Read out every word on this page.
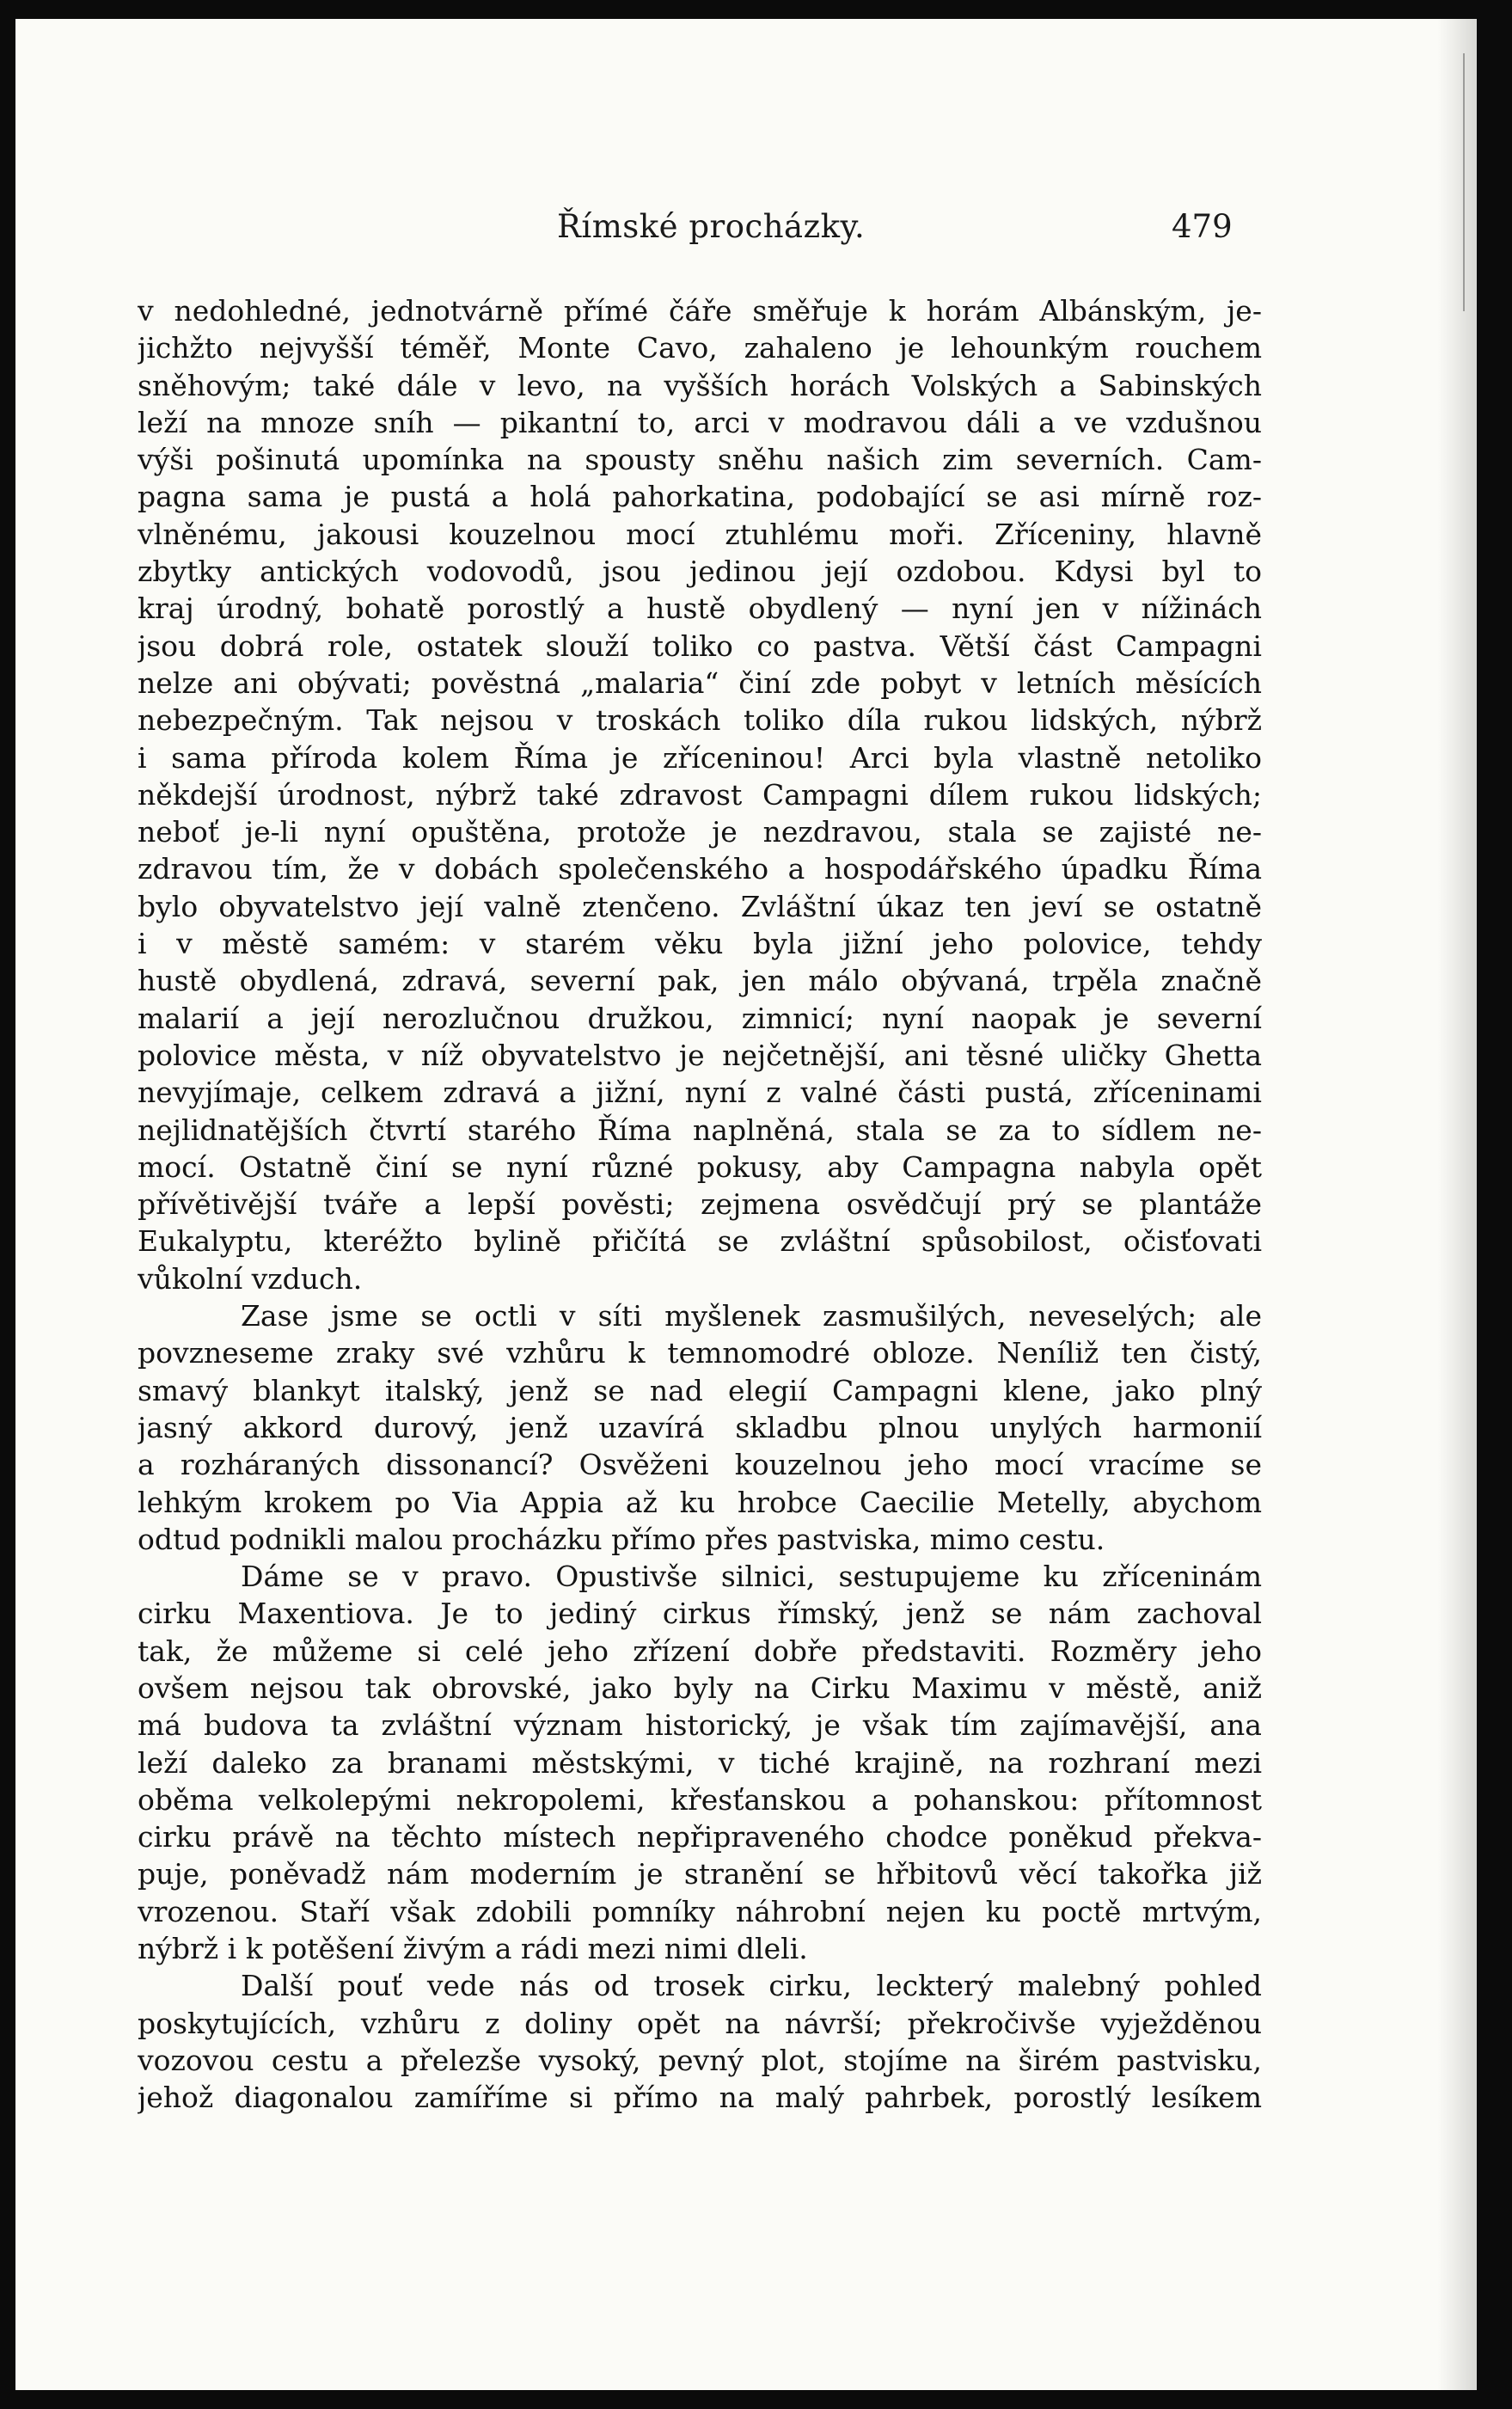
Římské procházky.	479
v nedohledné, jednotvárně přímé čáře směřuje k horám Albánským, je-
jichžto nejvyšší téměř, Monte Cavo, zahaleno je lehounkým rouchem
sněhovým; také dále v levo, na vyšších horách Volských a Sabinských
leží na mnoze sníh — pikantní to, arci v modravou dáli a ve vzdušnou
výši pošinutá upomínka na spousty sněhu našich zim severních. Cam-
pagna sama je pustá a holá pahorkatina, podobající se asi mírně roz-
vlněnému, jakousi kouzelnou mocí ztuhlému moři. Zříceniny, hlavně
zbytky antických vodovodů, jsou jedinou její ozdobou. Kdysi byl to
kraj úrodný, bohatě porostlý a hustě obydlený — nyní jen v nížinách
jsou dobrá role, ostatek slouží toliko co pastva. Větší část Campagni
nelze ani obývati; pověstná „malaria“ činí zde pobyt v letních měsících
nebezpečným. Tak nejsou v troskách toliko díla rukou lidských, nýbrž
i sama příroda kolem Říma je zříceninou! Arci byla vlastně netoliko
někdejší úrodnost, nýbrž také zdravost Campagni dílem rukou lidských;
neboť je-li nyní opuštěna, protože je nezdravou, stala se zajisté ne-
zdravou tím, že v dobách společenského a hospodářského úpadku Říma
bylo obyvatelstvo její valně ztenčeno. Zvláštní úkaz ten jeví se ostatně
i v městě samém: v starém věku byla jižní jeho polovice, tehdy
hustě obydlená, zdravá, severní pak, jen málo obývaná, trpěla značně
malarií a její nerozlučnou družkou, zimnicí; nyní naopak je severní
polovice města, v níž obyvatelstvo je nejčetnější, ani těsné uličky Ghetta
nevyjímaje, celkem zdravá a jižní, nyní z valné části pustá, zříceninami
nejlidnatějších čtvrtí starého Říma naplněná, stala se za to sídlem ne-
mocí. Ostatně činí se nyní různé pokusy, aby Campagna nabyla opět
přívětivější tváře a lepší pověsti; zejmena osvědčují prý se plantáže
Eukalyptu, kteréžto bylině přičítá se zvláštní spůsobilost, očisťovati
vůkolní vzduch.
Zase jsme se octli v síti myšlenek zasmušilých, neveselých; ale
povzneseme zraky své vzhůru k temnomodré obloze. Neníliž ten čistý,
smavý blankyt italský, jenž se nad elegií Campagni klene, jako plný
jasný akkord durový, jenž uzavírá skladbu plnou unylých harmonií
a rozháraných dissonancí? Osvěženi kouzelnou jeho mocí vracíme se
lehkým krokem po Via Appia až ku hrobce Caecilie Metelly, abychom
odtud podnikli malou procházku přímo přes pastviska, mimo cestu.
Dáme se v pravo. Opustivše silnici, sestupujeme ku zříceninám
cirku Maxentiova. Je to jediný cirkus římský, jenž se nám zachoval
tak, že můžeme si celé jeho zřízení dobře představiti. Rozměry jeho
ovšem nejsou tak obrovské, jako byly na Cirku Maximu v městě, aniž
má budova ta zvláštní význam historický, je však tím zajímavější, ana
leží daleko za branami městskými, v tiché krajině, na rozhraní mezi
oběma velkolepými nekropolemi, křesťanskou a pohanskou: přítomnost
cirku právě na těchto místech nepřipraveného chodce poněkud překva-
puje, poněvadž nám moderním je stranění se hřbitovů věcí takořka již
vrozenou. Staří však zdobili pomníky náhrobní nejen ku poctě mrtvým,
nýbrž i k potěšení živým a rádi mezi nimi dleli.
Další pouť vede nás od trosek cirku, leckterý malebný pohled
poskytujících, vzhůru z doliny opět na návrší; překročivše vyježděnou
vozovou cestu a přelezše vysoký, pevný plot, stojíme na širém pastvisku,
jehož diagonalou zamíříme si přímo na malý pahrbek, porostlý lesíkem
